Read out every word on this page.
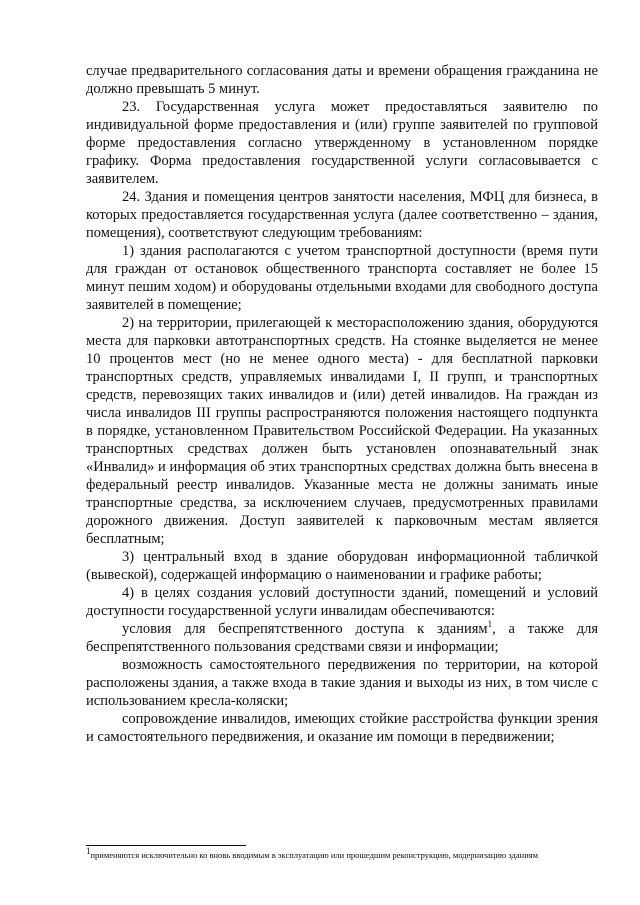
случае предварительного согласования даты и времени обращения гражданина не должно превышать 5 минут.

23. Государственная услуга может предоставляться заявителю по индивидуальной форме предоставления и (или) группе заявителей по групповой форме предоставления согласно утвержденному в установленном порядке графику. Форма предоставления государственной услуги согласовывается с заявителем.

24. Здания и помещения центров занятости населения, МФЦ для бизнеса, в которых предоставляется государственная услуга (далее соответственно – здания, помещения), соответствуют следующим требованиям:

1) здания располагаются с учетом транспортной доступности (время пути для граждан от остановок общественного транспорта составляет не более 15 минут пешим ходом) и оборудованы отдельными входами для свободного доступа заявителей в помещение;

2) на территории, прилегающей к месторасположению здания, оборудуются места для парковки автотранспортных средств. На стоянке выделяется не менее 10 процентов мест (но не менее одного места) - для бесплатной парковки транспортных средств, управляемых инвалидами I, II групп, и транспортных средств, перевозящих таких инвалидов и (или) детей инвалидов. На граждан из числа инвалидов III группы распространяются положения настоящего подпункта в порядке, установленном Правительством Российской Федерации. На указанных транспортных средствах должен быть установлен опознавательный знак «Инвалид» и информация об этих транспортных средствах должна быть внесена в федеральный реестр инвалидов. Указанные места не должны занимать иные транспортные средства, за исключением случаев, предусмотренных правилами дорожного движения. Доступ заявителей к парковочным местам является бесплатным;

3) центральный вход в здание оборудован информационной табличкой (вывеской), содержащей информацию о наименовании и графике работы;

4) в целях создания условий доступности зданий, помещений и условий доступности государственной услуги инвалидам обеспечиваются:

условия для беспрепятственного доступа к зданиям$^1$, а также для беспрепятственного пользования средствами связи и информации;

возможность самостоятельного передвижения по территории, на которой расположены здания, а также входа в такие здания и выходы из них, в том числе с использованием кресла-коляски;

сопровождение инвалидов, имеющих стойкие расстройства функции зрения и самостоятельного передвижения, и оказание им помощи в передвижении;

$^1$применяются исключительно ко вновь вводимым в эксплуатацию или прошедшим реконструкцию, модернизацию зданиям
